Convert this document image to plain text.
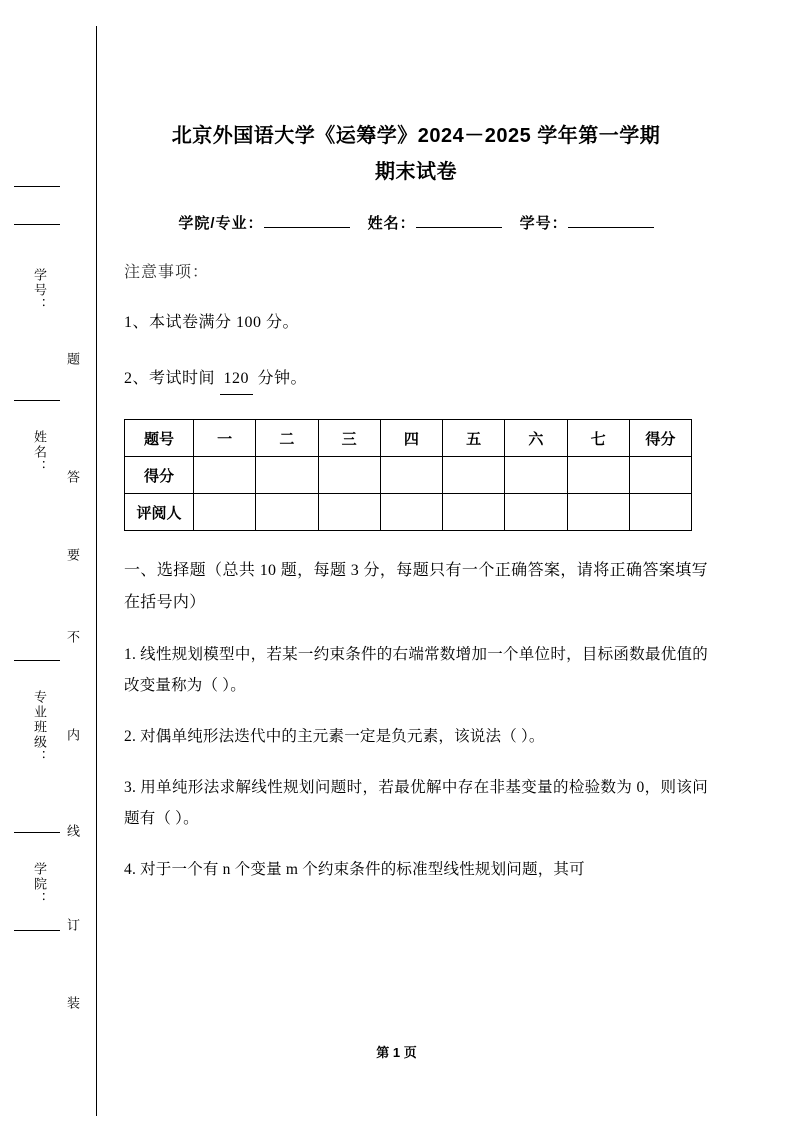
学号：
姓名：
专业班级：
学院：
题
答
要
不
内
线
订
装
北京外国语大学《运筹学》2024－2025 学年第一学期
期末试卷
学院/专业：	姓名：	学号：
注意事项：
1、本试卷满分 100 分。
2、考试时间 120 分钟。
题号	一	二	三	四	五	六	七	得分
得分								
评阅人								
一、选择题（总共 10 题，每题 3 分，每题只有一个正确答案，请将正确答案填写在括号内）
1. 线性规划模型中，若某一约束条件的右端常数增加一个单位时，目标函数最优值的改变量称为（ ）。
2. 对偶单纯形法迭代中的主元素一定是负元素，该说法（ ）。
3. 用单纯形法求解线性规划问题时，若最优解中存在非基变量的检验数为 0，则该问题有（ ）。
4. 对于一个有 n 个变量 m 个约束条件的标准型线性规划问题，其可
第 1 页
